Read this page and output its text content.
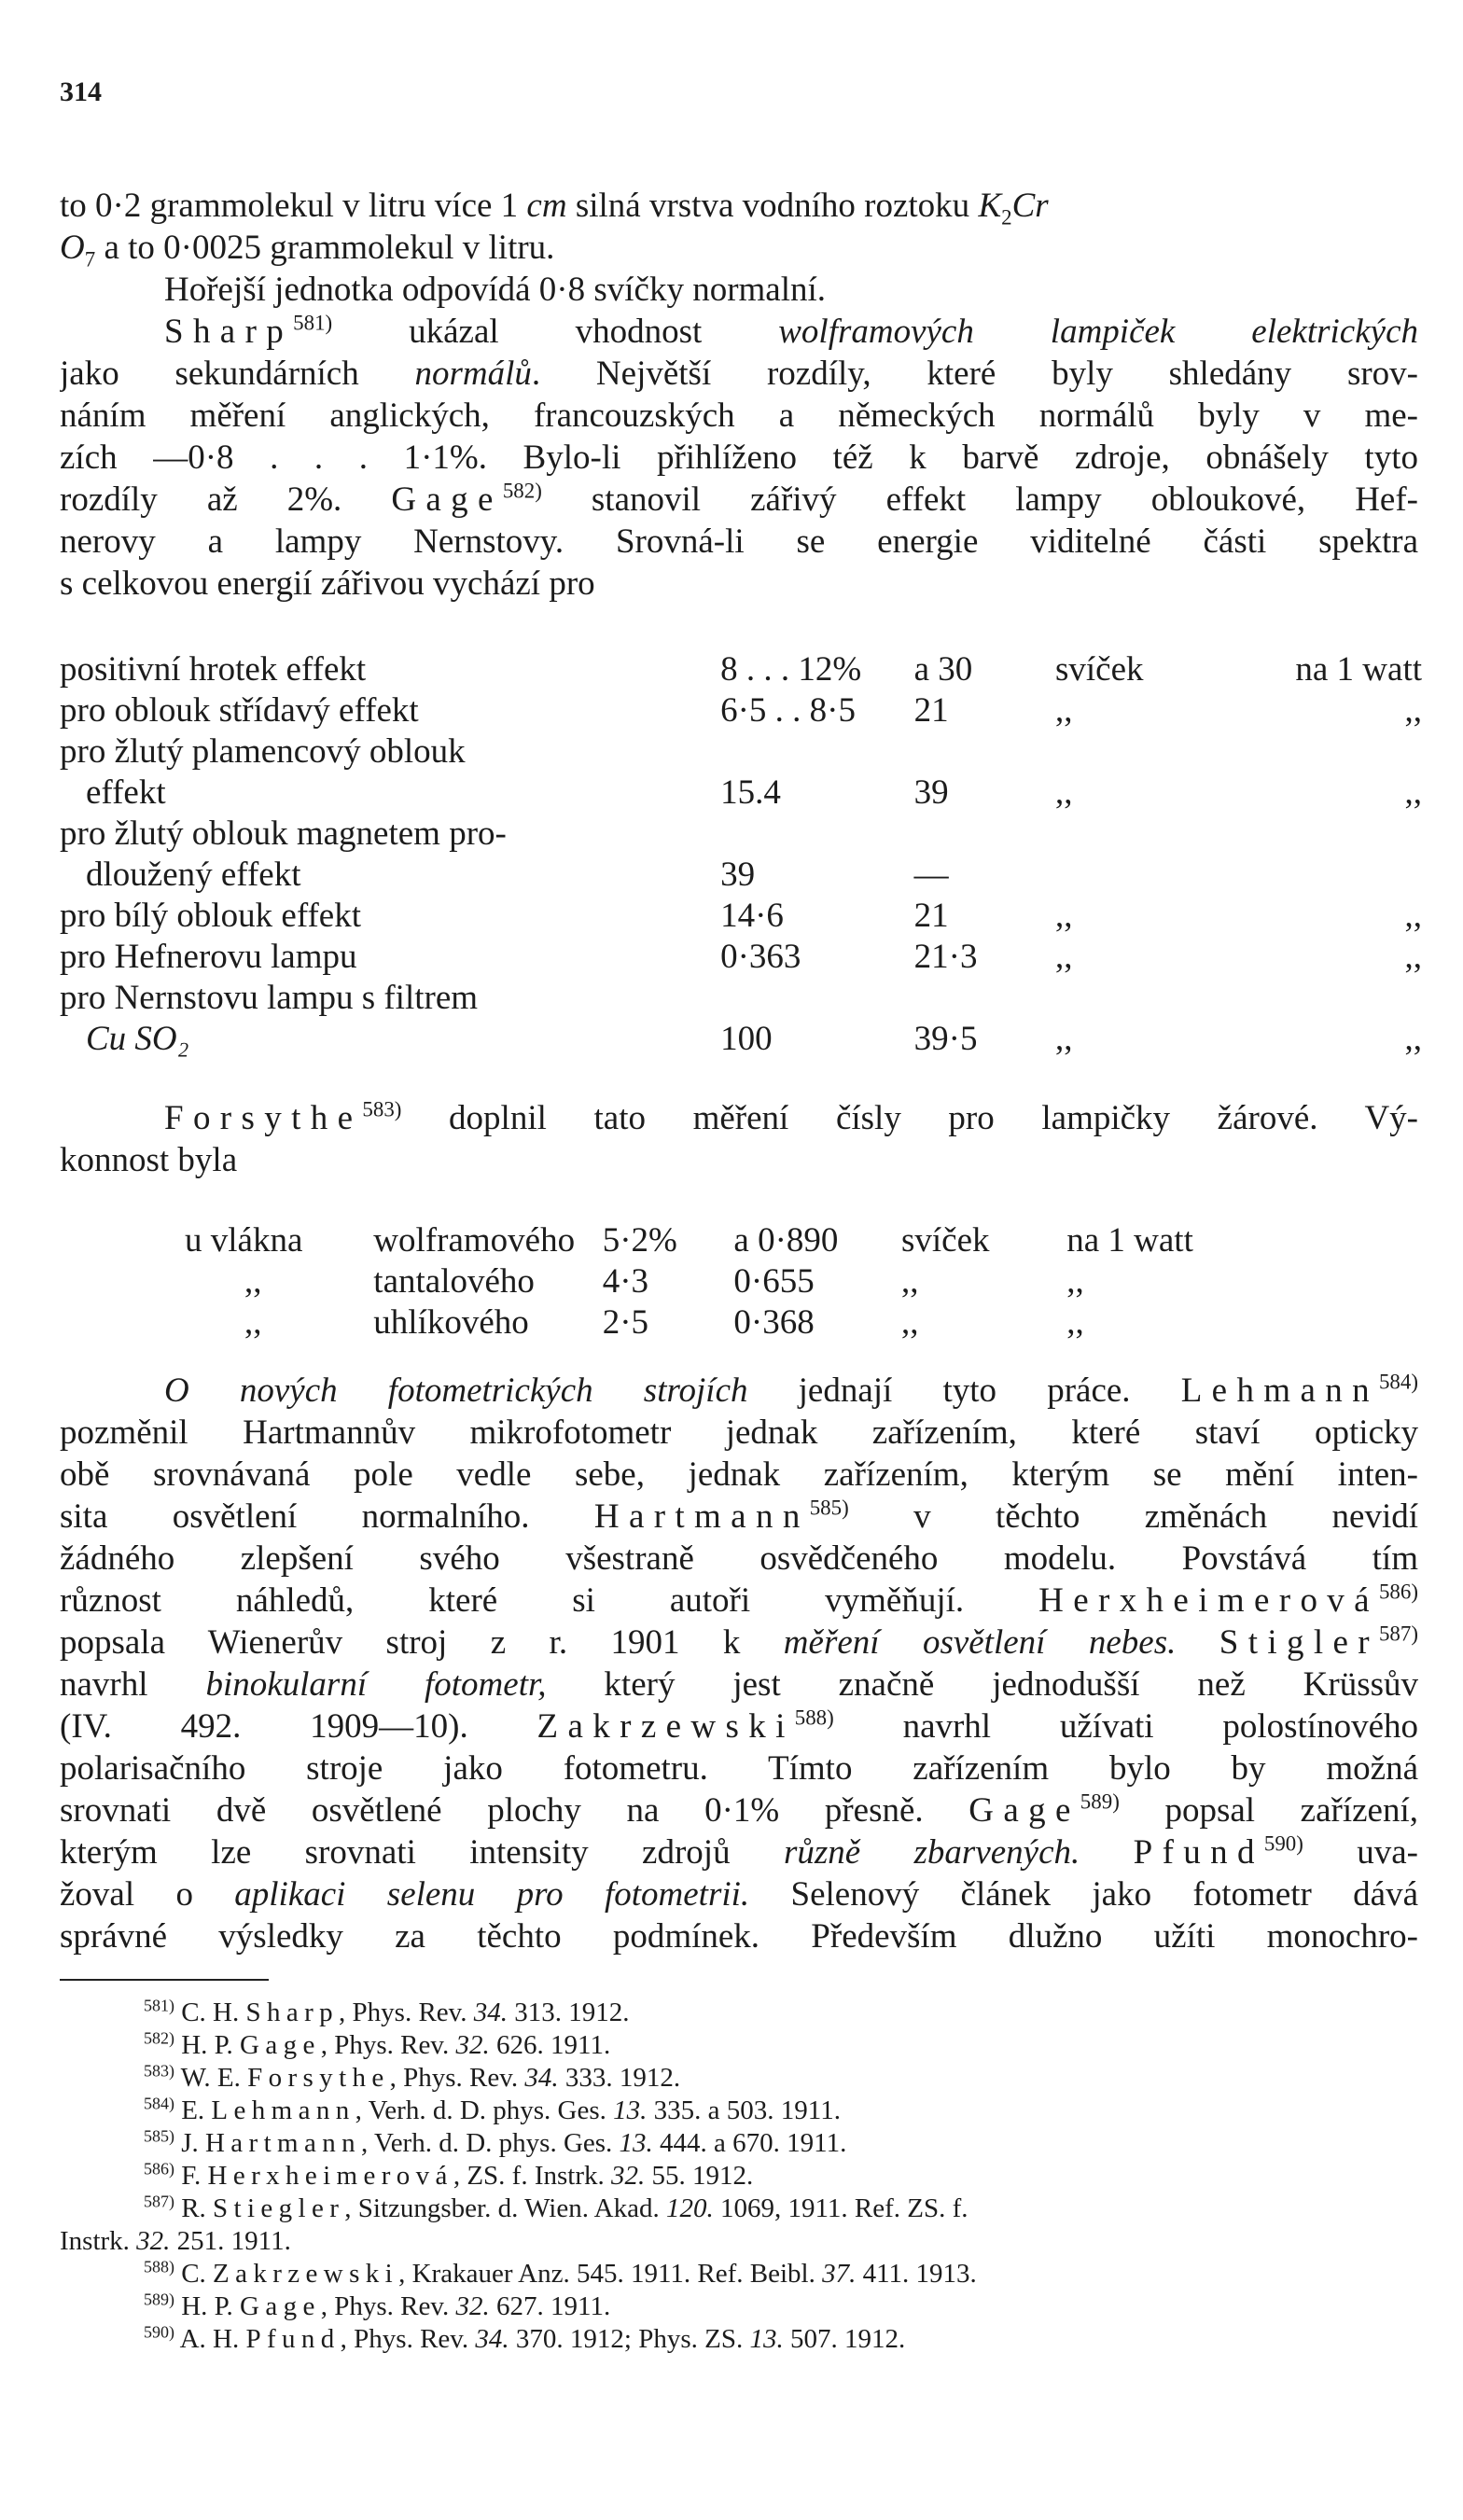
314
to 0·2 grammolekul v litru více 1 cm silná vrstva vodního roztoku $K_2Cr$
$O_7$ a to 0·0025 grammolekul v litru.
Hořejší jednotka odpovídá 0·8 svíčky normalní.
Sharp$^{581)}$ ukázal vhodnost wolframových lampiček elektrických
jako sekundárních normálů. Největší rozdíly, které byly shledány srov-
náním měření anglických, francouzských a německých normálů byly v me-
zích —0·8 . . . 1·1%. Bylo-li přihlíženo též k barvě zdroje, obnášely tyto
rozdíly až 2%. Gage$^{582)}$ stanovil zářivý effekt lampy obloukové, Hef-
nerovy a lampy Nernstovy. Srovná-li se energie viditelné části spektra
s celkovou energií zářivou vychází pro
positivní hrotek effekt	8 . . . 12%	a 30	svíček	na 1 watt
pro oblouk střídavý effekt	6·5 . . 8·5	21	,,	,,
pro žlutý plamencový oblouk				
effekt	15.4	39	,,	,,
pro žlutý oblouk magnetem pro-				
dloužený effekt	39	—		
pro bílý oblouk effekt	14·6	21	,,	,,
pro Hefnerovu lampu	0·363	21·3	,,	,,
pro Nernstovu lampu s filtrem				
Cu SO₂	100	39·5	,,	,,
Forsythe$^{583)}$ doplnil tato měření čísly pro lampičky žárové. Vý-
konnost byla
u vlákna	wolframového	5·2%	a 0·890	svíček	na 1 watt
,,	tantalového	4·3	0·655	,,	,,
,,	uhlíkového	2·5	0·368	,,	,,
O nových fotometrických strojích jednají tyto práce. Lehmann$^{584)}$
pozměnil Hartmannův mikrofotometr jednak zařízením, které staví opticky
obě srovnávaná pole vedle sebe, jednak zařízením, kterým se mění inten-
sita osvětlení normalního. Hartmann$^{585)}$ v těchto změnách nevidí
žádného zlepšení svého všestraně osvědčeného modelu. Povstává tím
různost náhledů, které si autoři vyměňují. Herxheimerová$^{586)}$
popsala Wienerův stroj z r. 1901 k měření osvětlení nebes. Stigler$^{587)}$
navrhl binokularní fotometr, který jest značně jednodušší než Krüssův
(IV. 492. 1909—10). Zakrzewski$^{588)}$ navrhl užívati polostínového
polarisačního stroje jako fotometru. Tímto zařízením bylo by možná
srovnati dvě osvětlené plochy na 0·1% přesně. Gage$^{589)}$ popsal zařízení,
kterým lze srovnati intensity zdrojů různě zbarvených. Pfund$^{590)}$ uva-
žoval o aplikaci selenu pro fotometrii. Selenový článek jako fotometr dává
správné výsledky za těchto podmínek. Především dlužno užíti monochro-
$^{581)}$ C. H. Sharp, Phys. Rev. 34. 313. 1912.
$^{582)}$ H. P. Gage, Phys. Rev. 32. 626. 1911.
$^{583)}$ W. E. Forsythe, Phys. Rev. 34. 333. 1912.
$^{584)}$ E. Lehmann, Verh. d. D. phys. Ges. 13. 335. a 503. 1911.
$^{585)}$ J. Hartmann, Verh. d. D. phys. Ges. 13. 444. a 670. 1911.
$^{586)}$ F. Herxheimerová, ZS. f. Instrk. 32. 55. 1912.
$^{587)}$ R. Stiegler, Sitzungsber. d. Wien. Akad. 120. 1069, 1911. Ref. ZS. f.
Instrk. 32. 251. 1911.
$^{588)}$ C. Zakrzewski, Krakauer Anz. 545. 1911. Ref. Beibl. 37. 411. 1913.
$^{589)}$ H. P. Gage, Phys. Rev. 32. 627. 1911.
$^{590)}$ A. H. Pfund, Phys. Rev. 34. 370. 1912; Phys. ZS. 13. 507. 1912.
